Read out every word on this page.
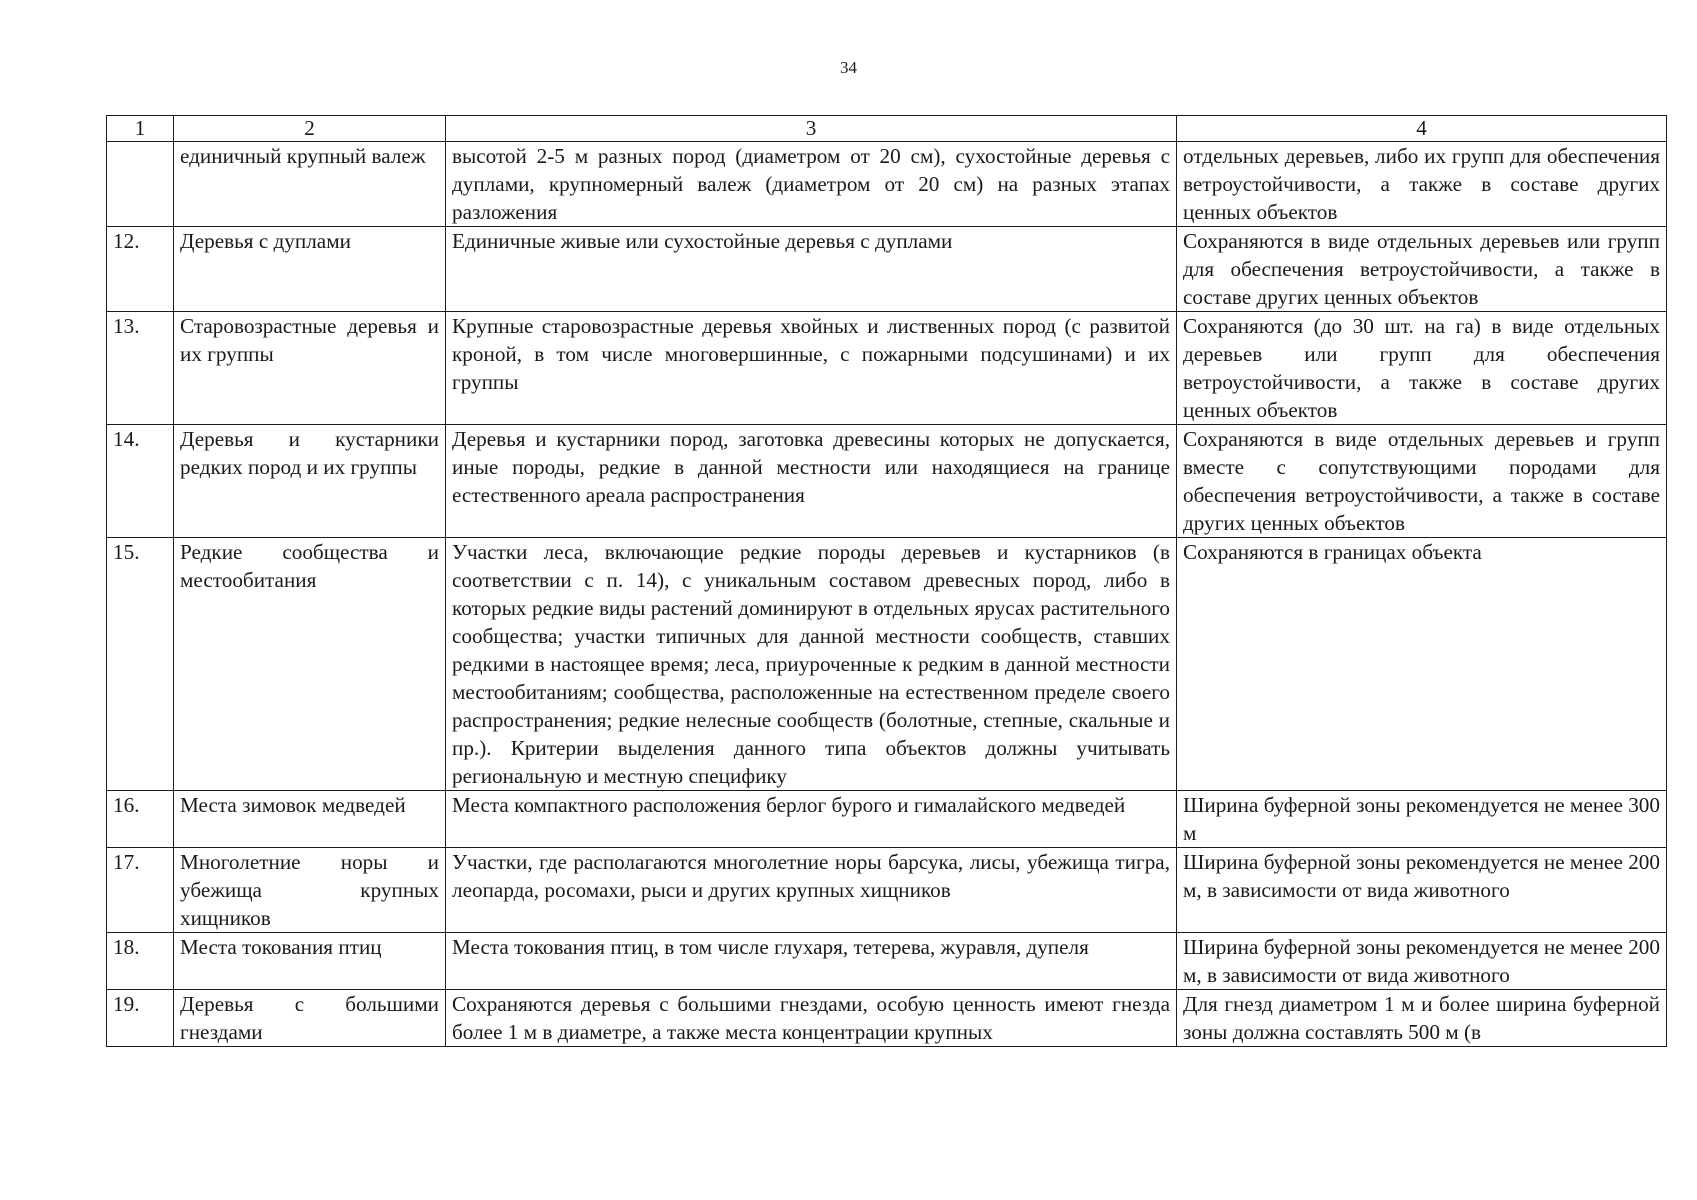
34
1	2	3	4
	единичный крупный валеж	высотой 2-5 м разных пород (диаметром от 20 см), сухостойные деревья с дуплами, крупномерный валеж (диаметром от 20 см) на разных этапах разложения	отдельных деревьев, либо их групп для обеспечения ветроустойчивости, а также в составе других ценных объектов
12.	Деревья с дуплами	Единичные живые или сухостойные деревья с дуплами	Сохраняются в виде отдельных деревьев или групп для обеспечения ветроустойчивости, а также в составе других ценных объектов
13.	Старовозрастные деревья и их группы	Крупные старовозрастные деревья хвойных и лиственных пород (с развитой кроной, в том числе многовершинные, с пожарными подсушинами) и их группы	Сохраняются (до 30 шт. на га) в виде отдельных деревьев или групп для обеспечения ветроустойчивости, а также в составе других ценных объектов
14.	Деревья и кустарники редких пород и их группы	Деревья и кустарники пород, заготовка древесины которых не допускается, иные породы, редкие в данной местности или находящиеся на границе естественного ареала распространения	Сохраняются в виде отдельных деревьев и групп вместе с сопутствующими породами для обеспечения ветроустойчивости, а также в составе других ценных объектов
15.	Редкие сообщества и местообитания	Участки леса, включающие редкие породы деревьев и кустарников (в соответствии с п. 14), с уникальным составом древесных пород, либо в которых редкие виды растений доминируют в отдельных ярусах растительного сообщества; участки типичных для данной местности сообществ, ставших редкими в настоящее время; леса, приуроченные к редким в данной местности местообитаниям; сообщества, расположенные на естественном пределе своего распространения; редкие нелесные сообществ (болотные, степные, скальные и пр.). Критерии выделения данного типа объектов должны учитывать региональную и местную специфику	Сохраняются в границах объекта
16.	Места зимовок медведей	Места компактного расположения берлог бурого и гималайского медведей	Ширина буферной зоны рекомендуется не менее 300 м
17.	Многолетние норы и убежища крупных хищников	Участки, где располагаются многолетние норы барсука, лисы, убежища тигра, леопарда, росомахи, рыси и других крупных хищников	Ширина буферной зоны рекомендуется не менее 200 м, в зависимости от вида животного
18.	Места токования птиц	Места токования птиц, в том числе глухаря, тетерева, журавля, дупеля	Ширина буферной зоны рекомендуется не менее 200 м, в зависимости от вида животного
19.	Деревья с большими гнездами	Сохраняются деревья с большими гнездами, особую ценность имеют гнезда более 1 м в диаметре, а также места концентрации крупных	Для гнезд диаметром 1 м и более ширина буферной зоны должна составлять 500 м (в
